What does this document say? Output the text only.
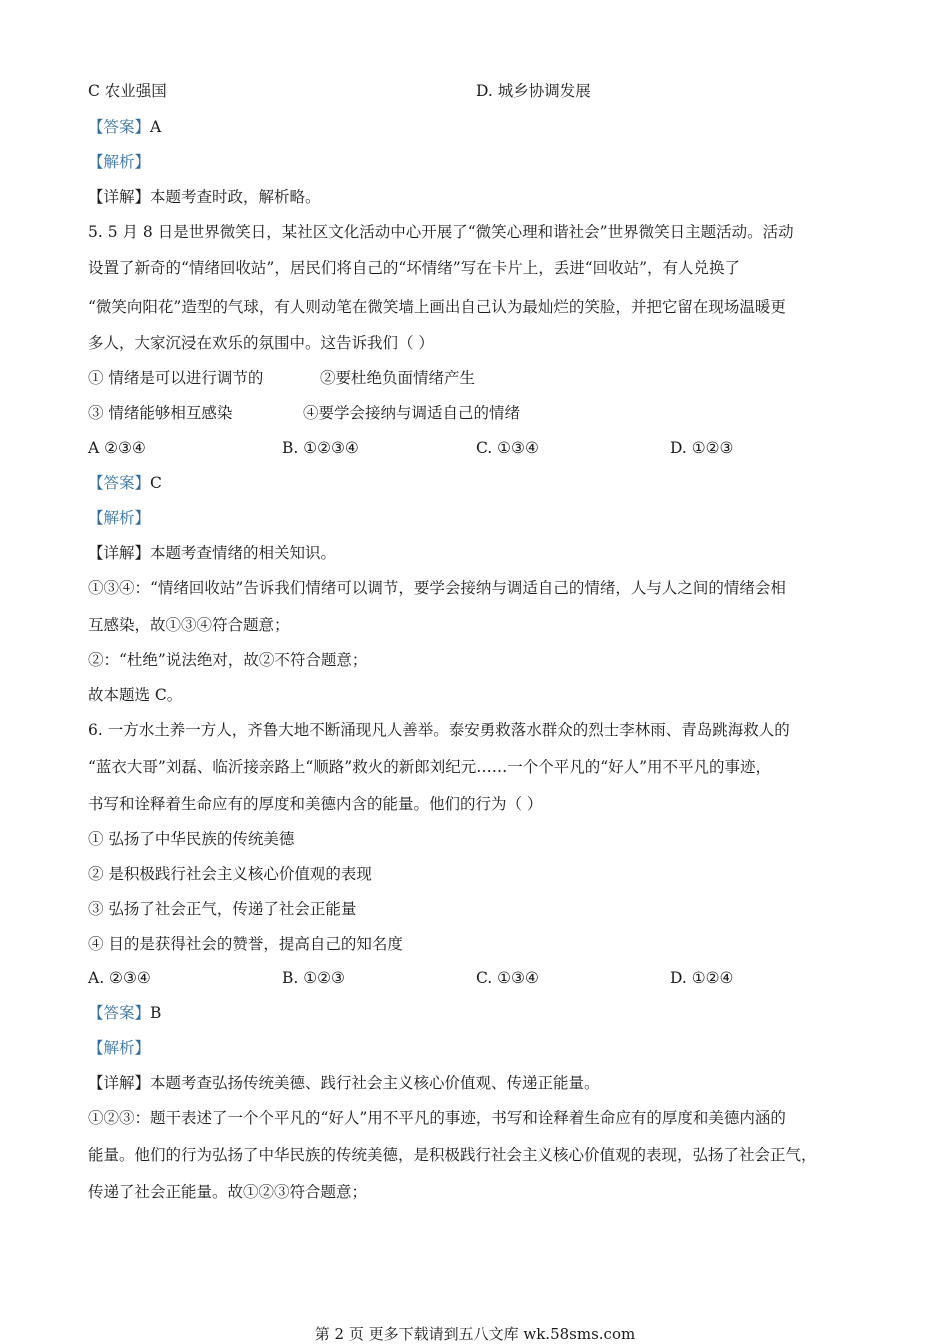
C 农业强国	D. 城乡协调发展
【答案】A
【解析】
【详解】本题考查时政，解析略。
5. 5 月 8 日是世界微笑日，某社区文化活动中心开展了“微笑心理和谐社会”世界微笑日主题活动。活动
设置了新奇的“情绪回收站”，居民们将自己的“坏情绪”写在卡片上，丢进“回收站”，有人兑换了
“微笑向阳花”造型的气球，有人则动笔在微笑墙上画出自己认为最灿烂的笑脸，并把它留在现场温暖更
多人，大家沉浸在欢乐的氛围中。这告诉我们（ ）
① 情绪是可以进行调节的	②要杜绝负面情绪产生
③ 情绪能够相互感染	④要学会接纳与调适自己的情绪
A ②③④	B. ①②③④	C. ①③④	D. ①②③
【答案】C
【解析】
【详解】本题考查情绪的相关知识。
①③④：“情绪回收站”告诉我们情绪可以调节，要学会接纳与调适自己的情绪，人与人之间的情绪会相
互感染，故①③④符合题意；
②：“杜绝”说法绝对，故②不符合题意；
故本题选 C。
6. 一方水土养一方人，齐鲁大地不断涌现凡人善举。泰安勇救落水群众的烈士李林雨、青岛跳海救人的
“蓝衣大哥”刘磊、临沂接亲路上“顺路”救火的新郎刘纪元……一个个平凡的“好人”用不平凡的事迹，
书写和诠释着生命应有的厚度和美德内含的能量。他们的行为（ ）
① 弘扬了中华民族的传统美德
② 是积极践行社会主义核心价值观的表现
③ 弘扬了社会正气，传递了社会正能量
④ 目的是获得社会的赞誉，提高自己的知名度
A. ②③④	B. ①②③	C. ①③④	D. ①②④
【答案】B
【解析】
【详解】本题考查弘扬传统美德、践行社会主义核心价值观、传递正能量。
①②③：题干表述了一个个平凡的“好人”用不平凡的事迹，书写和诠释着生命应有的厚度和美德内涵的
能量。他们的行为弘扬了中华民族的传统美德，是积极践行社会主义核心价值观的表现，弘扬了社会正气，
传递了社会正能量。故①②③符合题意；
第 2 页 更多下载请到五八文库 wk.58sms.com
